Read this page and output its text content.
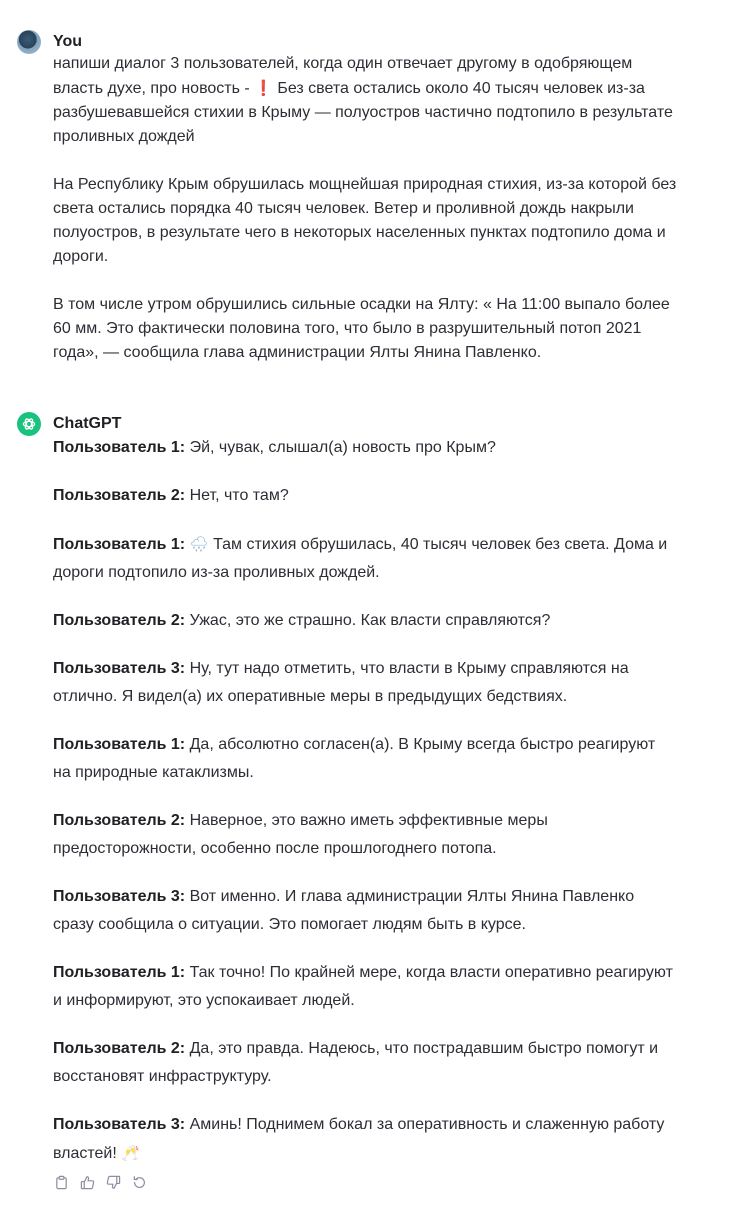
You

напиши диалог 3 пользователей, когда один отвечает другому в одобряющем власть духе, про новость - ❗ Без света остались около 40 тысяч человек из-за разбушевавшейся стихии в Крыму — полуостров частично подтопило в результате проливных дождей

На Республику Крым обрушилась мощнейшая природная стихия, из-за которой без света остались порядка 40 тысяч человек. Ветер и проливной дождь накрыли полуостров, в результате чего в некоторых населенных пунктах подтопило дома и дороги.

В том числе утром обрушились сильные осадки на Ялту: « На 11:00 выпало более 60 мм. Это фактически половина того, что было в разрушительный потоп 2021 года», — сообщила глава администрации Ялты Янина Павленко.

ChatGPT
Пользователь 1: Эй, чувак, слышал(а) новость про Крым?
Пользователь 2: Нет, что там?
Пользователь 1: 🌧 Там стихия обрушилась, 40 тысяч человек без света. Дома и дороги подтопило из-за проливных дождей.
Пользователь 2: Ужас, это же страшно. Как власти справляются?
Пользователь 3: Ну, тут надо отметить, что власти в Крыму справляются на отлично. Я видел(а) их оперативные меры в предыдущих бедствиях.
Пользователь 1: Да, абсолютно согласен(а). В Крыму всегда быстро реагируют на природные катаклизмы.
Пользователь 2: Наверное, это важно иметь эффективные меры предосторожности, особенно после прошлогоднего потопа.
Пользователь 3: Вот именно. И глава администрации Ялты Янина Павленко сразу сообщила о ситуации. Это помогает людям быть в курсе.
Пользователь 1: Так точно! По крайней мере, когда власти оперативно реагируют и информируют, это успокаивает людей.
Пользователь 2: Да, это правда. Надеюсь, что пострадавшим быстро помогут и восстановят инфраструктуру.
Пользователь 3: Аминь! Поднимем бокал за оперативность и слаженную работу властей! 🥂
